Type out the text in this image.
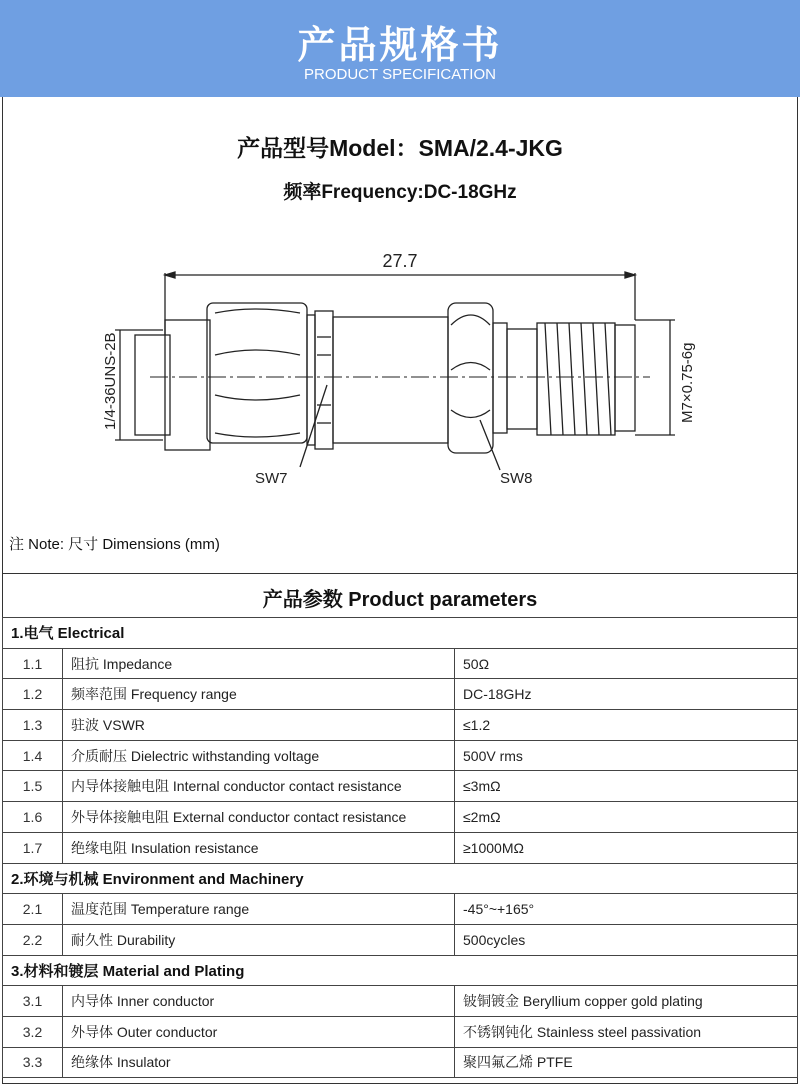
产品规格书
PRODUCT SPECIFICATION
产品型号Model：SMA/2.4-JKG
频率Frequency:DC-18GHz
27.7
1/4-36UNS-2B	M7×0.75-6g
SW7	SW8
注 Note: 尺寸 Dimensions (mm)
产品参数 Product parameters
1.电气 Electrical		
1.1	阻抗 Impedance	50Ω
1.2	频率范围 Frequency range	DC-18GHz
1.3	驻波 VSWR	≤1.2
1.4	介质耐压 Dielectric withstanding voltage	500V rms
1.5	内导体接触电阻 Internal conductor contact resistance	≤3mΩ
1.6	外导体接触电阻 External conductor contact resistance	≤2mΩ
1.7	绝缘电阻 Insulation resistance	≥1000MΩ
2.环境与机械 Environment and Machinery		
2.1	温度范围 Temperature range	-45°~+165°
2.2	耐久性 Durability	500cycles
3.材料和镀层 Material and Plating		
3.1	内导体 Inner conductor	铍铜镀金 Beryllium copper gold plating
3.2	外导体 Outer conductor	不锈钢钝化 Stainless steel passivation
3.3	绝缘体 Insulator	聚四氟乙烯 PTFE
